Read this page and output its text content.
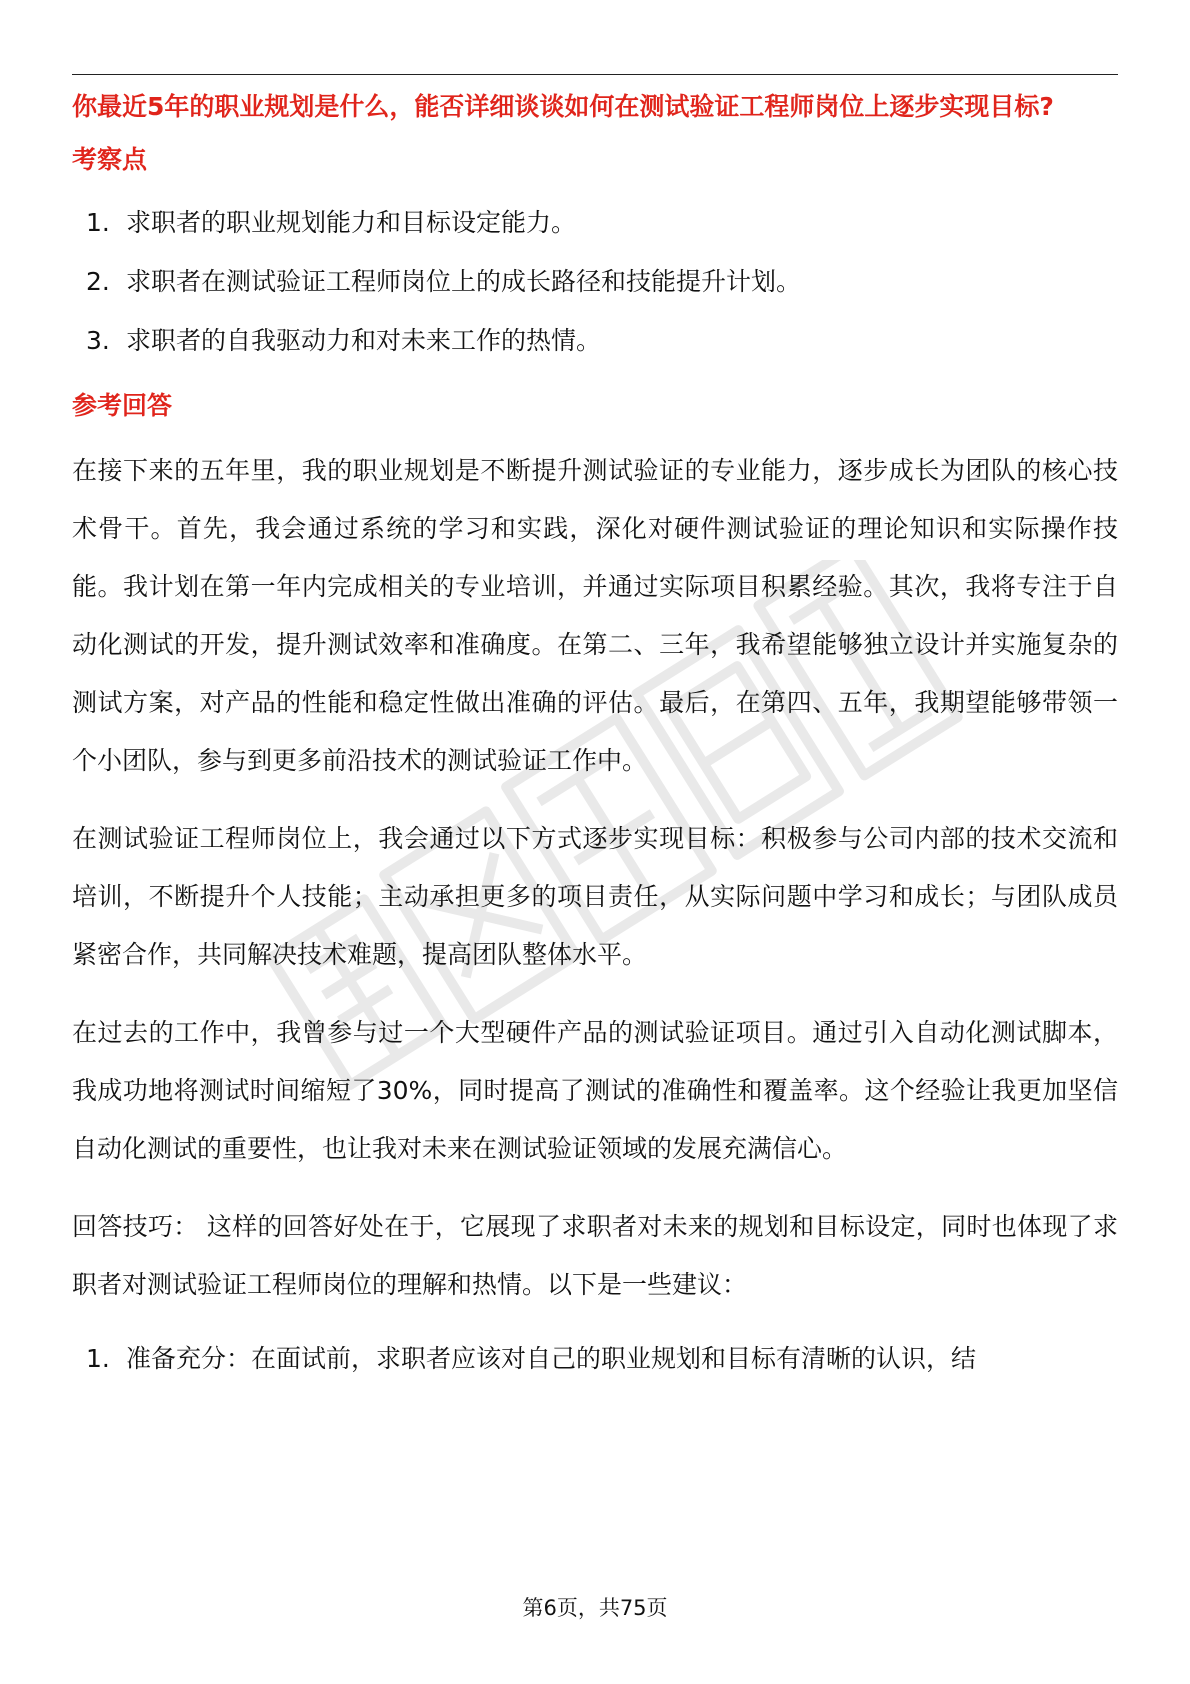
你最近5年的职业规划是什么，能否详细谈谈如何在测试验证工程师岗位上逐步实现目标?
考察点
1. 求职者的职业规划能力和目标设定能力。
2. 求职者在测试验证工程师岗位上的成长路径和技能提升计划。
3. 求职者的自我驱动力和对未来工作的热情。
参考回答

在接下来的五年里，我的职业规划是不断提升测试验证的专业能力，逐步成长为团队的核心技术骨干。首先，我会通过系统的学习和实践，深化对硬件测试验证的理论知识和实际操作技能。我计划在第一年内完成相关的专业培训，并通过实际项目积累经验。其次，我将专注于自动化测试的开发，提升测试效率和准确度。在第二、三年，我希望能够独立设计并实施复杂的测试方案，对产品的性能和稳定性做出准确的评估。最后，在第四、五年，我期望能够带领一个小团队，参与到更多前沿技术的测试验证工作中。

在测试验证工程师岗位上，我会通过以下方式逐步实现目标：积极参与公司内部的技术交流和培训，不断提升个人技能；主动承担更多的项目责任，从实际问题中学习和成长；与团队成员紧密合作，共同解决技术难题，提高团队整体水平。

在过去的工作中，我曾参与过一个大型硬件产品的测试验证项目。通过引入自动化测试脚本，我成功地将测试时间缩短了30%，同时提高了测试的准确性和覆盖率。这个经验让我更加坚信自动化测试的重要性，也让我对未来在测试验证领域的发展充满信心。

回答技巧： 这样的回答好处在于，它展现了求职者对未来的规划和目标设定，同时也体现了求职者对测试验证工程师岗位的理解和热情。以下是一些建议：

1. 准备充分：在面试前，求职者应该对自己的职业规划和目标有清晰的认识，结
第6页，共75页
